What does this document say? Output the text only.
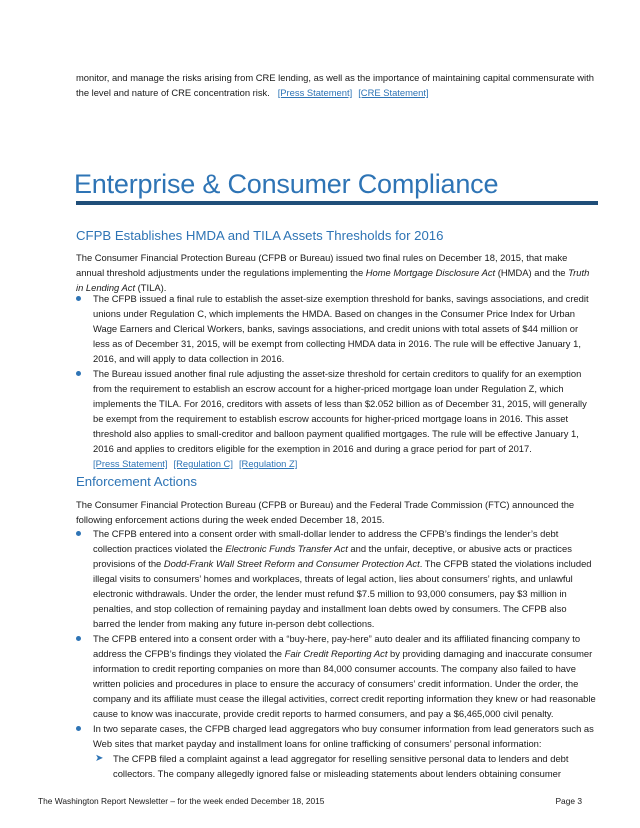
monitor, and manage the risks arising from CRE lending, as well as the importance of maintaining capital commensurate with the level and nature of CRE concentration risk. [Press Statement] [CRE Statement]
Enterprise & Consumer Compliance
CFPB Establishes HMDA and TILA Assets Thresholds for 2016
The Consumer Financial Protection Bureau (CFPB or Bureau) issued two final rules on December 18, 2015, that make annual threshold adjustments under the regulations implementing the Home Mortgage Disclosure Act (HMDA) and the Truth in Lending Act (TILA).
The CFPB issued a final rule to establish the asset-size exemption threshold for banks, savings associations, and credit unions under Regulation C, which implements the HMDA. Based on changes in the Consumer Price Index for Urban Wage Earners and Clerical Workers, banks, savings associations, and credit unions with total assets of $44 million or less as of December 31, 2015, will be exempt from collecting HMDA data in 2016. The rule will be effective January 1, 2016, and will apply to data collection in 2016.
The Bureau issued another final rule adjusting the asset-size threshold for certain creditors to qualify for an exemption from the requirement to establish an escrow account for a higher-priced mortgage loan under Regulation Z, which implements the TILA. For 2016, creditors with assets of less than $2.052 billion as of December 31, 2015, will generally be exempt from the requirement to establish escrow accounts for higher-priced mortgage loans in 2016. This asset threshold also applies to small-creditor and balloon payment qualified mortgages. The rule will be effective January 1, 2016 and applies to creditors eligible for the exemption in 2016 and during a grace period for part of 2017.
[Press Statement] [Regulation C] [Regulation Z]
Enforcement Actions
The Consumer Financial Protection Bureau (CFPB or Bureau) and the Federal Trade Commission (FTC) announced the following enforcement actions during the week ended December 18, 2015.
The CFPB entered into a consent order with small-dollar lender to address the CFPB’s findings the lender’s debt collection practices violated the Electronic Funds Transfer Act and the unfair, deceptive, or abusive acts or practices provisions of the Dodd-Frank Wall Street Reform and Consumer Protection Act. The CFPB stated the violations included illegal visits to consumers’ homes and workplaces, threats of legal action, lies about consumers’ rights, and unlawful electronic withdrawals. Under the order, the lender must refund $7.5 million to 93,000 consumers, pay $3 million in penalties, and stop collection of remaining payday and installment loan debts owed by consumers. The CFPB also barred the lender from making any future in-person debt collections.
The CFPB entered into a consent order with a “buy-here, pay-here” auto dealer and its affiliated financing company to address the CFPB’s findings they violated the Fair Credit Reporting Act by providing damaging and inaccurate consumer information to credit reporting companies on more than 84,000 consumer accounts. The company also failed to have written policies and procedures in place to ensure the accuracy of consumers’ credit information. Under the order, the company and its affiliate must cease the illegal activities, correct credit reporting information they knew or had reasonable cause to know was inaccurate, provide credit reports to harmed consumers, and pay a $6,465,000 civil penalty.
In two separate cases, the CFPB charged lead aggregators who buy consumer information from lead generators such as Web sites that market payday and installment loans for online trafficking of consumers’ personal information:
➤ The CFPB filed a complaint against a lead aggregator for reselling sensitive personal data to lenders and debt collectors. The company allegedly ignored false or misleading statements about lenders obtaining consumer
The Washington Report Newsletter – for the week ended December 18, 2015	Page 3
